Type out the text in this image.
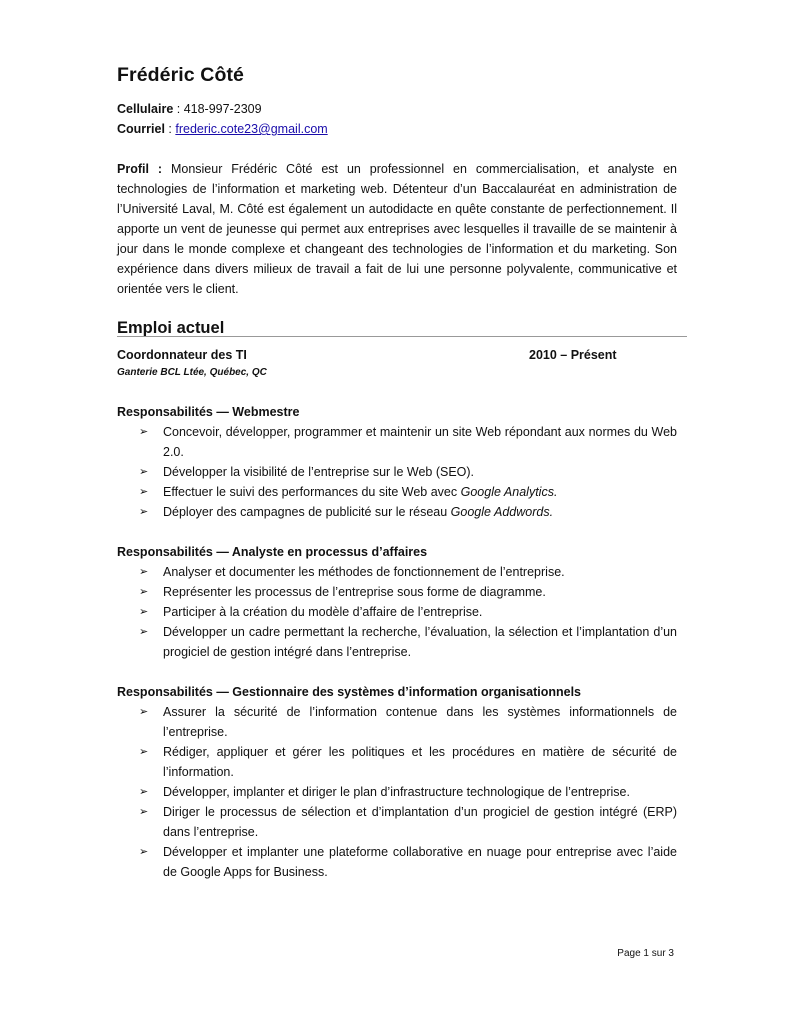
Frédéric Côté
Cellulaire : 418-997-2309
Courriel : frederic.cote23@gmail.com
Profil : Monsieur Frédéric Côté est un professionnel en commercialisation, et analyste en technologies de l’information et marketing web. Détenteur d’un Baccalauréat en administration de l’Université Laval, M. Côté est également un autodidacte en quête constante de perfectionnement. Il apporte un vent de jeunesse qui permet aux entreprises avec lesquelles il travaille de se maintenir à jour dans le monde complexe et changeant des technologies de l’information et du marketing. Son expérience dans divers milieux de travail a fait de lui une personne polyvalente, communicative et orientée vers le client.
Emploi actuel
Coordonnateur des TI	2010 – Présent
Ganterie BCL Ltée, Québec, QC
Responsabilités — Webmestre
➢ Concevoir, développer, programmer et maintenir un site Web répondant aux normes du Web 2.0.
➢ Développer la visibilité de l’entreprise sur le Web (SEO).
➢ Effectuer le suivi des performances du site Web avec Google Analytics.
➢ Déployer des campagnes de publicité sur le réseau Google Addwords.
Responsabilités — Analyste en processus d’affaires
➢ Analyser et documenter les méthodes de fonctionnement de l’entreprise.
➢ Représenter les processus de l’entreprise sous forme de diagramme.
➢ Participer à la création du modèle d’affaire de l’entreprise.
➢ Développer un cadre permettant la recherche, l’évaluation, la sélection et l’implantation d’un progiciel de gestion intégré dans l’entreprise.
Responsabilités — Gestionnaire des systèmes d’information organisationnels
➢ Assurer la sécurité de l’information contenue dans les systèmes informationnels de l’entreprise.
➢ Rédiger, appliquer et gérer les politiques et les procédures en matière de sécurité de l’information.
➢ Développer, implanter et diriger le plan d’infrastructure technologique de l’entreprise.
➢ Diriger le processus de sélection et d’implantation d’un progiciel de gestion intégré (ERP) dans l’entreprise.
➢ Développer et implanter une plateforme collaborative en nuage pour entreprise avec l’aide de Google Apps for Business.
Page 1 sur 3
